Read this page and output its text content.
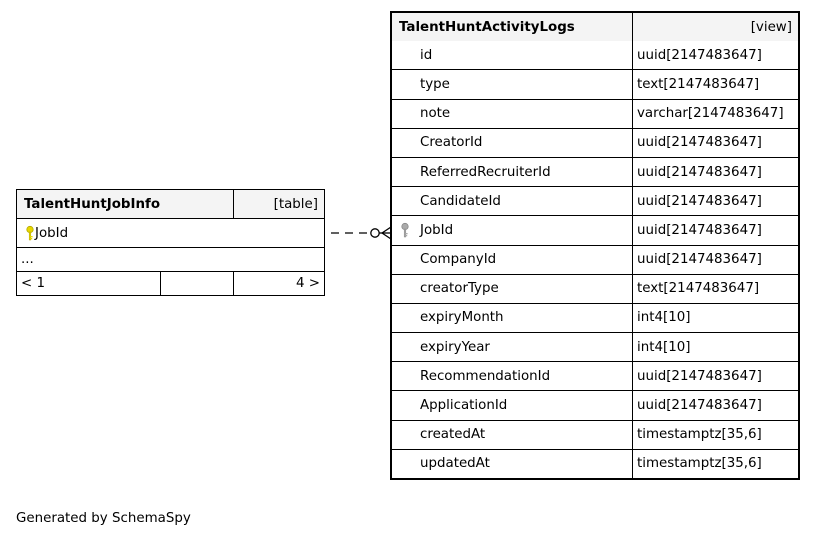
TalentHuntJobInfo		[table]

JobId		
...		
< 1		4 >
TalentHuntActivityLogs	[view]
id	uuid[2147483647]
type	text[2147483647]
note	varchar[2147483647]
CreatorId	uuid[2147483647]
ReferredRecruiterId	uuid[2147483647]
CandidateId	uuid[2147483647]

JobId	uuid[2147483647]
CompanyId	uuid[2147483647]
creatorType	text[2147483647]
expiryMonth	int4[10]
expiryYear	int4[10]
RecommendationId	uuid[2147483647]
ApplicationId	uuid[2147483647]
createdAt	timestamptz[35,6]
updatedAt	timestamptz[35,6]
Generated by SchemaSpy
